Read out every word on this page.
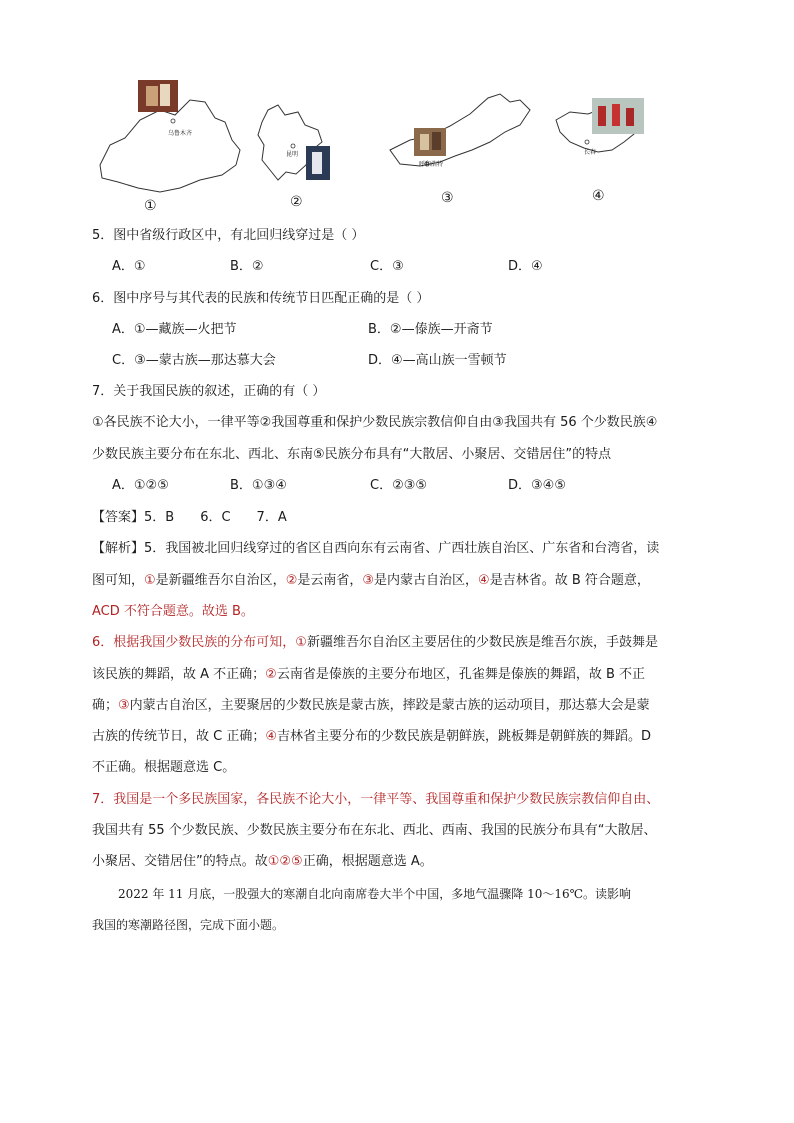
乌鲁木齐
昆明
呼和浩特
长春
①	②	③	④
5．图中省级行政区中，有北回归线穿过是（ ）
A．①	B．②	C．③	D．④
6．图中序号与其代表的民族和传统节日匹配正确的是（ ）
A．①—藏族—火把节	B．②—傣族—开斋节
C．③—蒙古族—那达慕大会	D．④—高山族一雪顿节
7．关于我国民族的叙述，正确的有（ ）
①各民族不论大小，一律平等②我国尊重和保护少数民族宗教信仰自由③我国共有 56 个少数民族④
少数民族主要分布在东北、西北、东南⑤民族分布具有“大散居、小聚居、交错居住”的特点
A．①②⑤	B．①③④	C．②③⑤	D．③④⑤
【答案】5．B　　6．C　　7．A
【解析】5．我国被北回归线穿过的省区自西向东有云南省、广西壮族自治区、广东省和台湾省，读
图可知，①是新疆维吾尔自治区，②是云南省，③是内蒙古自治区，④是吉林省。故 B 符合题意，
ACD 不符合题意。故选 B。
6．根据我国少数民族的分布可知，①新疆维吾尔自治区主要居住的少数民族是维吾尔族，手鼓舞是
该民族的舞蹈，故 A 不正确；②云南省是傣族的主要分布地区，孔雀舞是傣族的舞蹈，故 B 不正
确；③内蒙古自治区，主要聚居的少数民族是蒙古族，摔跤是蒙古族的运动项目，那达慕大会是蒙
古族的传统节日，故 C 正确；④吉林省主要分布的少数民族是朝鲜族，跳板舞是朝鲜族的舞蹈。D
不正确。根据题意选 C。
7．我国是一个多民族国家，各民族不论大小，一律平等、我国尊重和保护少数民族宗教信仰自由、
我国共有 55 个少数民族、少数民族主要分布在东北、西北、西南、我国的民族分布具有“大散居、
小聚居、交错居住”的特点。故①②⑤正确，根据题意选 A。
2022 年 11 月底，一股强大的寒潮自北向南席卷大半个中国，多地气温骤降 10～16℃。读影响
我国的寒潮路径图，完成下面小题。
